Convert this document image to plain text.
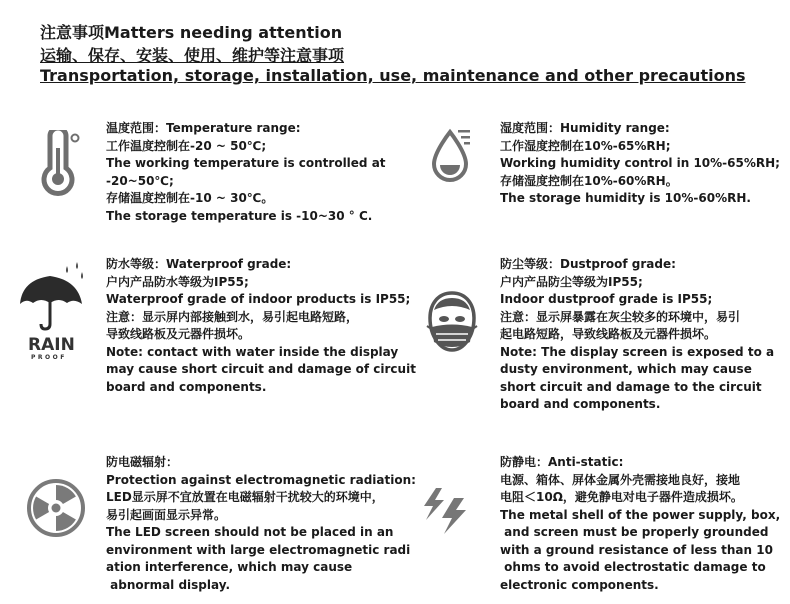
注意事项Matters needing attention
运输、保存、安装、使用、维护等注意事项
Transportation, storage, installation, use, maintenance and other precautions
温度范围：Temperature range:
工作温度控制在-20 ~ 50℃;
The working temperature is controlled at
-20~50℃;
存储温度控制在-10 ~ 30℃。
The storage temperature is -10~30 ° C.
湿度范围：Humidity range:
工作湿度控制在10%-65%RH;
Working humidity control in 10%-65%RH;
存储湿度控制在10%-60%RH。
The storage humidity is 10%-60%RH.
RAIN
PROOF
防水等级：Waterproof grade:
户内产品防水等级为IP55;
Waterproof grade of indoor products is IP55;
注意：显示屏内部接触到水，易引起电路短路，
导致线路板及元器件损坏。
Note: contact with water inside the display
may cause short circuit and damage of circuit
board and components.
防尘等级：Dustproof grade:
户内产品防尘等级为IP55;
Indoor dustproof grade is IP55;
注意：显示屏暴露在灰尘较多的环境中，易引
起电路短路，导致线路板及元器件损坏。
Note: The display screen is exposed to a
dusty environment, which may cause
short circuit and damage to the circuit
board and components.
防电磁辐射：
Protection against electromagnetic radiation:
LED显示屏不宜放置在电磁辐射干扰较大的环境中，
易引起画面显示异常。
The LED screen should not be placed in an
environment with large electromagnetic radi
ation interference, which may cause
abnormal display.
防静电：Anti-static:
电源、箱体、屏体金属外壳需接地良好，接地
电阻＜10Ω，避免静电对电子器件造成损坏。
The metal shell of the power supply, box,
and screen must be properly grounded
with a ground resistance of less than 10
ohms to avoid electrostatic damage to
electronic components.
